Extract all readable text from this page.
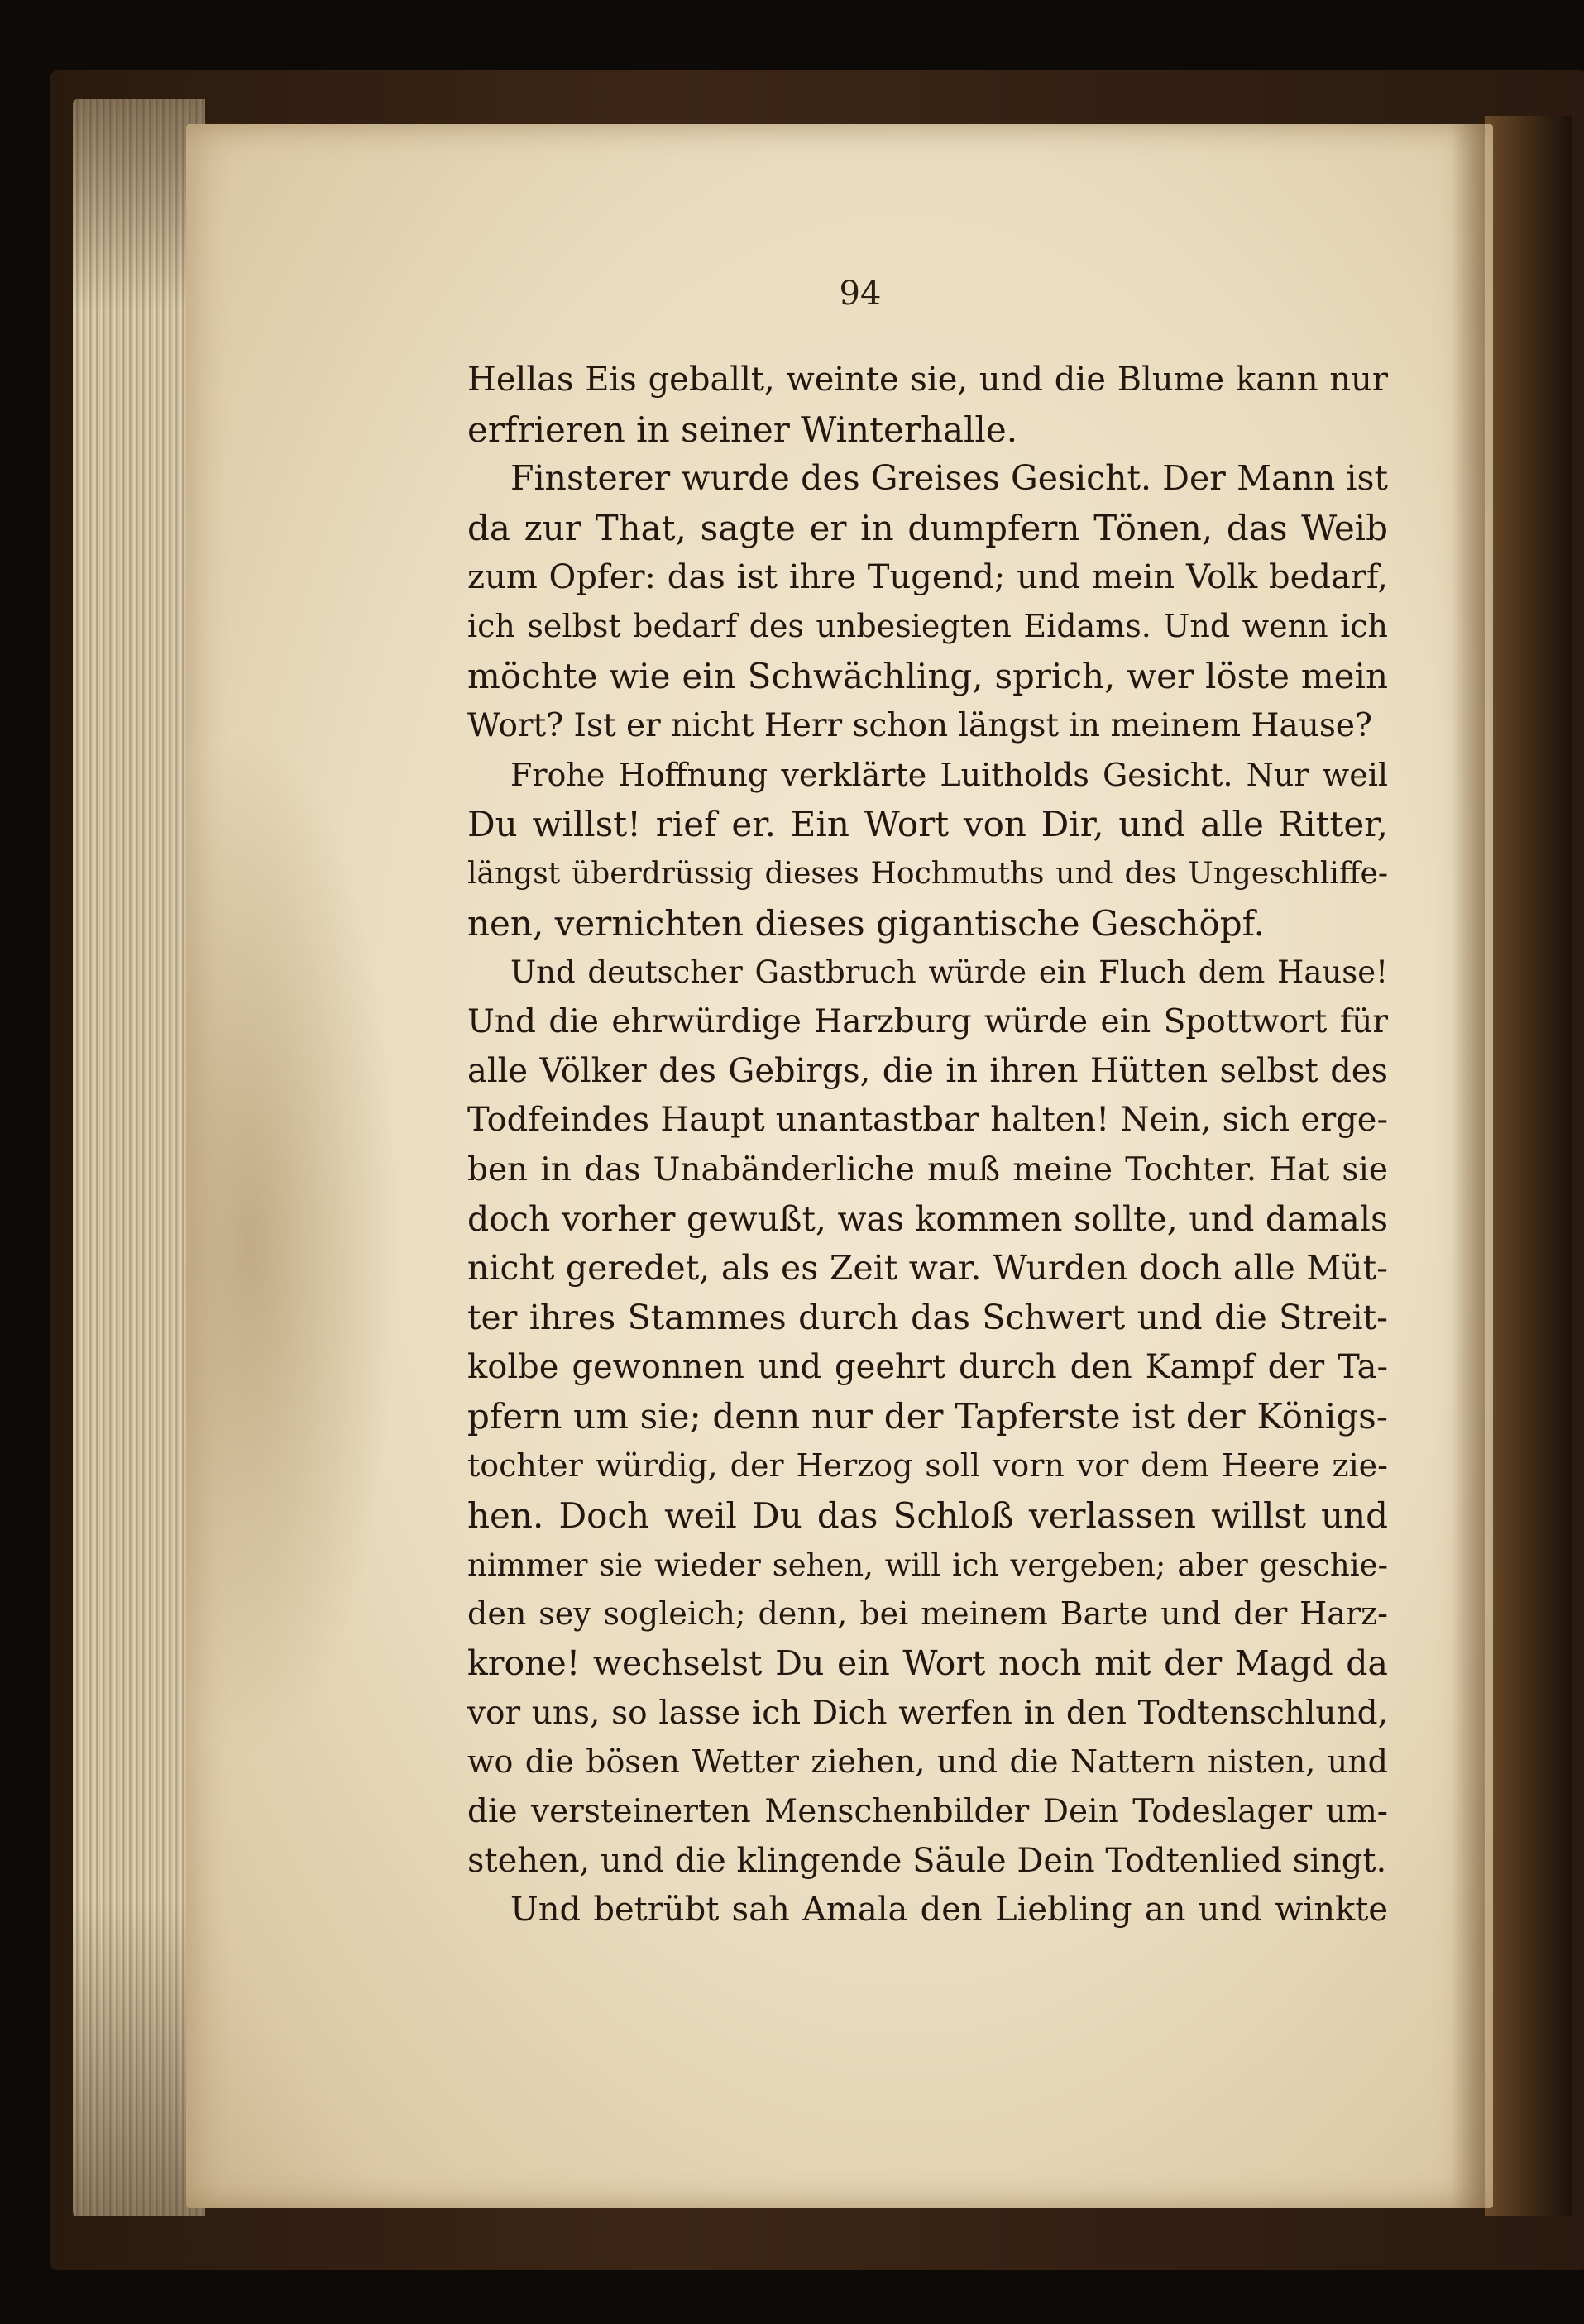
94
Hellas Eis geballt, weinte sie, und die Blume kann nur
erfrieren in seiner Winterhalle.
Finsterer wurde des Greises Gesicht. Der Mann ist
da zur That, sagte er in dumpfern Tönen, das Weib
zum Opfer: das ist ihre Tugend; und mein Volk bedarf,
ich selbst bedarf des unbesiegten Eidams. Und wenn ich
möchte wie ein Schwächling, sprich, wer löste mein
Wort? Ist er nicht Herr schon längst in meinem Hause?
Frohe Hoffnung verklärte Luitholds Gesicht. Nur weil
Du willst! rief er. Ein Wort von Dir, und alle Ritter,
längst überdrüssig dieses Hochmuths und des Ungeschliffe-
nen, vernichten dieses gigantische Geschöpf.
Und deutscher Gastbruch würde ein Fluch dem Hause!
Und die ehrwürdige Harzburg würde ein Spottwort für
alle Völker des Gebirgs, die in ihren Hütten selbst des
Todfeindes Haupt unantastbar halten! Nein, sich erge-
ben in das Unabänderliche muß meine Tochter. Hat sie
doch vorher gewußt, was kommen sollte, und damals
nicht geredet, als es Zeit war. Wurden doch alle Müt-
ter ihres Stammes durch das Schwert und die Streit-
kolbe gewonnen und geehrt durch den Kampf der Ta-
pfern um sie; denn nur der Tapferste ist der Königs-
tochter würdig, der Herzog soll vorn vor dem Heere zie-
hen. Doch weil Du das Schloß verlassen willst und
nimmer sie wieder sehen, will ich vergeben; aber geschie-
den sey sogleich; denn, bei meinem Barte und der Harz-
krone! wechselst Du ein Wort noch mit der Magd da
vor uns, so lasse ich Dich werfen in den Todtenschlund,
wo die bösen Wetter ziehen, und die Nattern nisten, und
die versteinerten Menschenbilder Dein Todeslager um-
stehen, und die klingende Säule Dein Todtenlied singt.
Und betrübt sah Amala den Liebling an und winkte
